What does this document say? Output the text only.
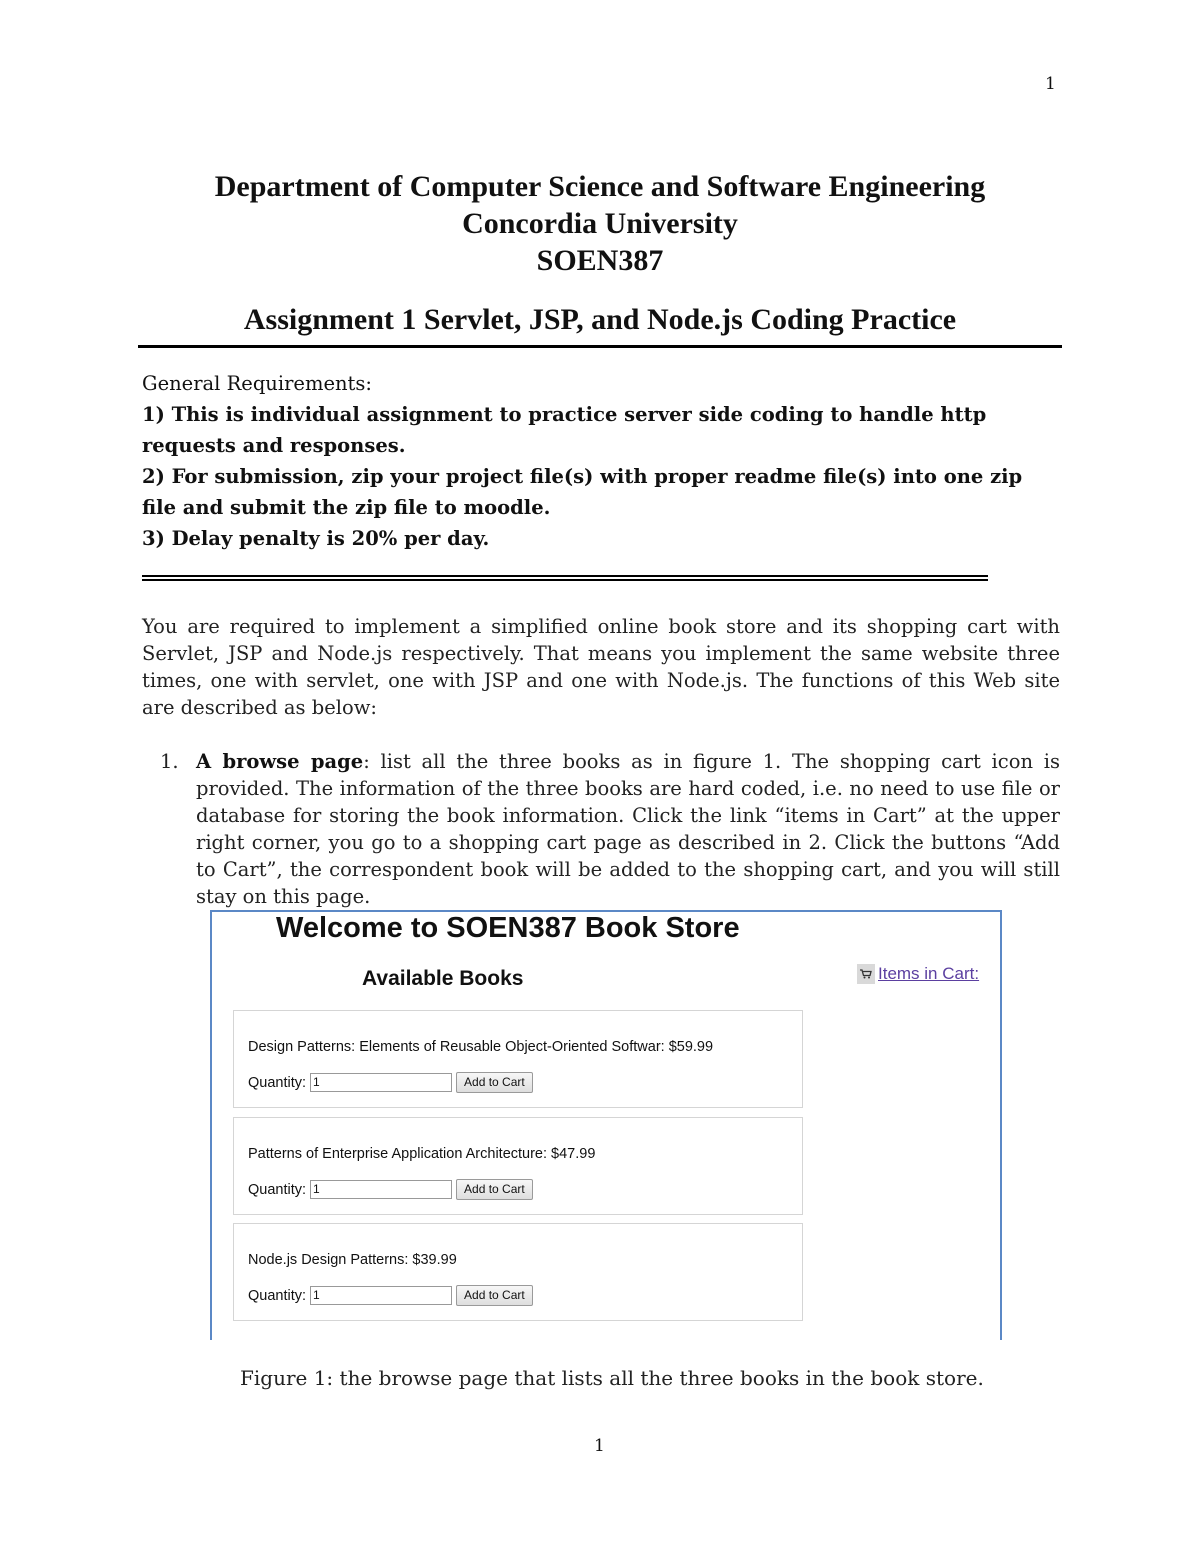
1
Department of Computer Science and Software Engineering
Concordia University
SOEN387
Assignment 1 Servlet, JSP, and Node.js Coding Practice
General Requirements:
1) This is individual assignment to practice server side coding to handle http requests and responses.
2) For submission, zip your project file(s) with proper readme file(s) into one zip file and submit the zip file to moodle.
3) Delay penalty is 20% per day.
You are required to implement a simplified online book store and its shopping cart with Servlet, JSP and Node.js respectively. That means you implement the same website three times, one with servlet, one with JSP and one with Node.js. The functions of this Web site are described as below:
1. A browse page: list all the three books as in figure 1. The shopping cart icon is provided. The information of the three books are hard coded, i.e. no need to use file or database for storing the book information. Click the link “items in Cart” at the upper right corner, you go to a shopping cart page as described in 2. Click the buttons “Add to Cart”, the correspondent book will be added to the shopping cart, and you will still stay on this page.
Welcome to SOEN387 Book Store
Available Books	Items in Cart:
Design Patterns: Elements of Reusable Object-Oriented Softwar: $59.99
Quantity: 1	Add to Cart
Patterns of Enterprise Application Architecture: $47.99
Quantity: 1	Add to Cart
Node.js Design Patterns: $39.99
Quantity: 1	Add to Cart
Figure 1: the browse page that lists all the three books in the book store.
1
